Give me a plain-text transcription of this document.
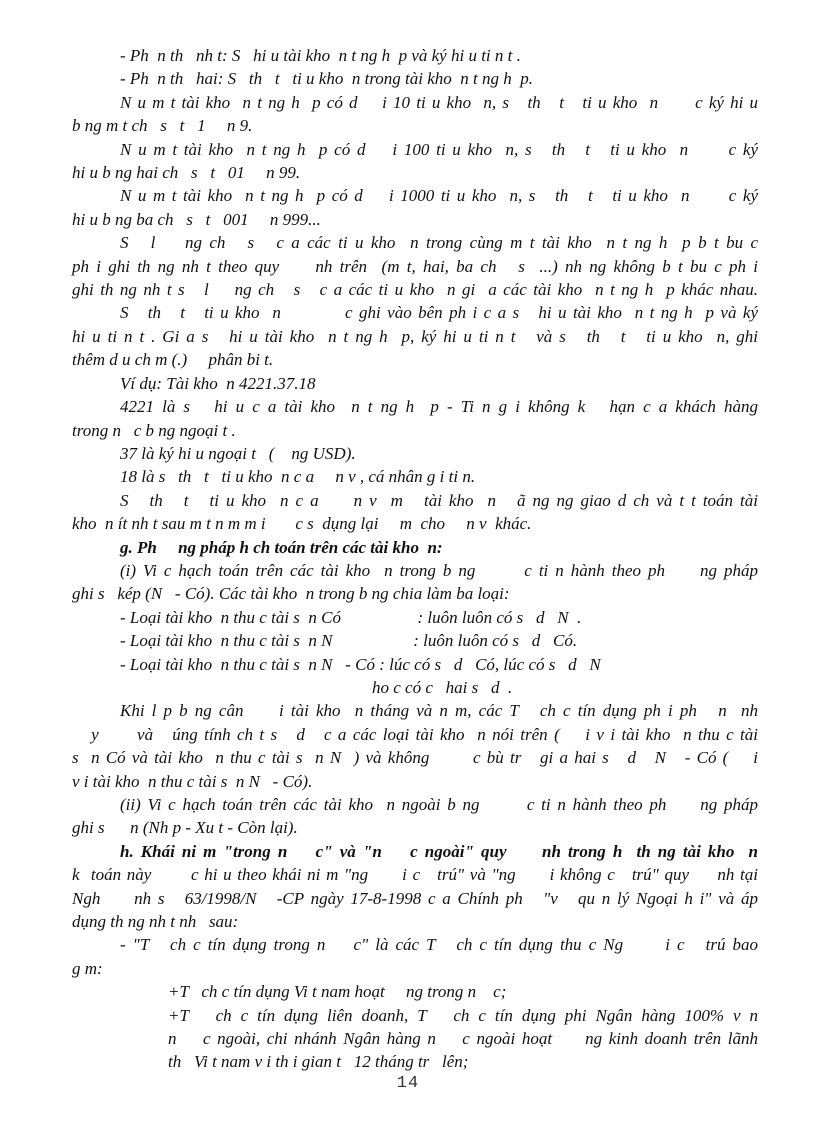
- Ph  n th   nh t: S   hi u tài kho  n t ng h  p và ký hi u ti n t .
- Ph  n th   hai: S   th   t   ti u kho  n trong tài kho  n t ng h  p.
N u m t tài kho  n t ng h  p có d    i 10 ti u kho  n, s   th   t   ti u kho  n      c ký hi u
b ng m t ch   s   t   1     n 9.
N u m t tài kho  n t ng h  p có d    i 100 ti u kho  n, s   th   t   ti u kho  n      c ký
hi u b ng hai ch   s   t   01     n 99.
N u m t tài kho  n t ng h  p có d    i 1000 ti u kho  n, s   th   t   ti u kho  n      c ký
hi u b ng ba ch   s   t   001     n 999...
S   l    ng ch   s   c a các ti u kho  n trong cùng m t tài kho  n t ng h  p b t bu c
ph i ghi th ng nh t theo quy     nh trên  (m t, hai, ba ch   s  ...) nh ng không b t bu c ph i
ghi th ng nh t s   l    ng ch   s   c a các ti u kho  n gi  a các tài kho  n t ng h  p khác nhau.
S   th   t   ti u kho  n          c ghi vào bên ph i c a s   hi u tài kho  n t ng h  p và ký
hi u ti n t . Gi a s   hi u tài kho  n t ng h  p, ký hi u ti n t   và s   th   t   ti u kho  n, ghi
thêm d u ch m (.)     phân bi t.
Ví dụ: Tài kho  n 4221.37.18
4221 là s   hi u c a tài kho  n t ng h  p - Ti n g i không k   hạn c a khách hàng
trong n   c b ng ngoại t .
37 là ký hi u ngoại t   (    ng USD).
18 là s   th   t   ti u kho  n c a     n v , cá nhân g i ti n.
S   th   t   ti u kho  n c a     n v  m   tài kho  n   ã ng ng giao d ch và t t toán tài
kho  n ít nh t sau m t n m m i       c s  dụng lại     m  cho     n v  khác.
g. Ph     ng pháp h ch toán trên các tài kho  n:
(i) Vi c hạch toán trên các tài kho  n trong b ng       c ti n hành theo ph     ng pháp
ghi s   kép (N   - Có). Các tài kho  n trong b ng chia làm ba loại:
- Loại tài kho  n thu c tài s  n Có                  : luôn luôn có s   d   N  .
- Loại tài kho  n thu c tài s  n N                   : luôn luôn có s   d   Có.
- Loại tài kho  n thu c tài s  n N   - Có : lúc có s   d   Có, lúc có s   d   N
ho c có c   hai s   d  .
Khi l p b ng cân     i tài kho  n tháng và n m, các T   ch c tín dụng ph i ph   n  nh
y      và   úng tính ch t s   d   c a các loại tài kho  n nói trên (    i v i tài kho  n thu c tài
s  n Có và tài kho  n thu c tài s  n N  ) và không       c bù tr   gi a hai s   d   N   - Có (    i
v i tài kho  n thu c tài s  n N   - Có).
(ii) Vi c hạch toán trên các tài kho  n ngoài b ng       c ti n hành theo ph     ng pháp
ghi s      n (Nh p - Xu t - Còn lại).
h. Khái ni m "trong n    c" và "n    c ngoài" quy     nh trong h  th ng tài kho  n
k  toán này       c hi u theo khái ni m "ng      i c   trú" và "ng      i không c   trú" quy     nh tại
Ngh     nh s   63/1998/N   -CP ngày 17-8-1998 c a Chính ph   "v   qu n lý Ngoại h i" và áp
dụng th ng nh t nh   sau:
- "T   ch c tín dụng trong n    c" là các T   ch c tín dụng thu c Ng      i c   trú bao
g m:
+T   ch c tín dụng Vi t nam hoạt     ng trong n    c;
+T   ch c tín dụng liên doanh, T   ch c tín dụng phi Ngân hàng 100% v n
n    c ngoài, chi nhánh Ngân hàng n    c ngoài hoạt     ng kinh doanh trên lãnh
th   Vi t nam v i th i gian t   12 tháng tr   lên;
14
